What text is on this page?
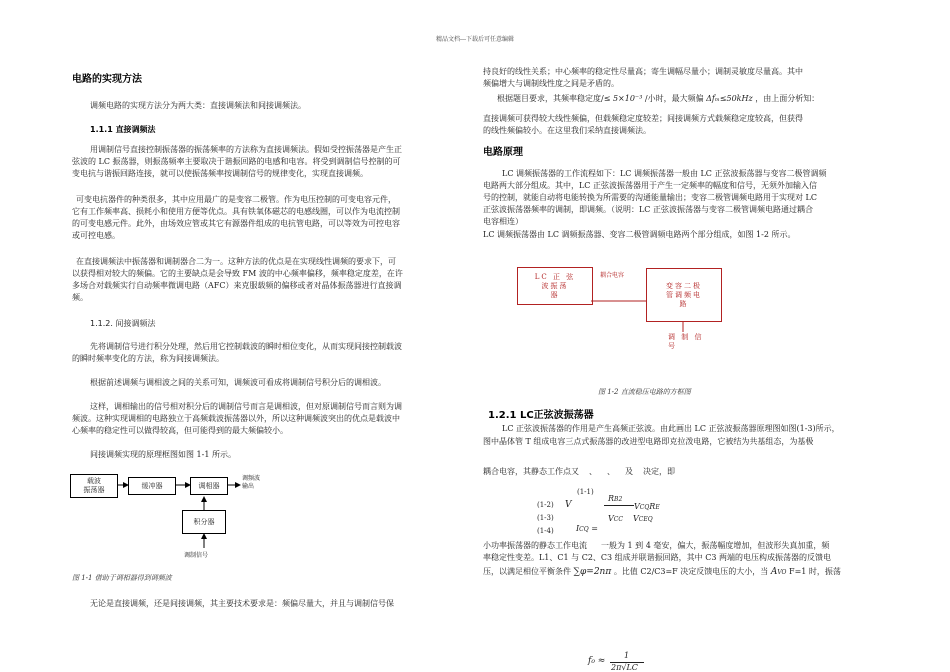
精品文档---下载后可任意编辑
电路的实现方法
调频电路的实现方法分为两大类：直接调频法和间接调频法。
1.1.1 直接调频法
用调制信号直接控制振荡器的振荡频率的方法称为直接调频法。假如受控振荡器是产生正
弦波的 LC 振荡器，则振荡频率主要取决于谐振回路的电感和电容。将受到调制信号控制的可
变电抗与谐振回路连接，就可以使振荡频率按调制信号的规律变化，实现直接调频。
可变电抗器件的种类很多，其中应用最广的是变容二极管。作为电压控制的可变电容元件，
它有工作频率高、损耗小和使用方便等优点。具有铁氧体磁芯的电感线圈，可以作为电流控制
的可变电感元件。此外，由场效应管或其它有源器件组成的电抗管电路，可以等效为可控电容
或可控电感。
在直接调频法中振荡器和调制器合二为一。这种方法的优点是在实现线性调频的要求下，可
以获得相对较大的频偏。它的主要缺点是会导致 FM 波的中心频率偏移，频率稳定度差，在许
多场合对载频实行自动频率微调电路（AFC）来克服载频的偏移或者对晶体振荡器进行直接调
频。
1.1.2. 间接调频法
先将调制信号进行积分处理，然后用它控制载波的瞬时相位变化，从而实现间接控制载波
的瞬时频率变化的方法，称为间接调频法。
根据前述调频与调相波之间的关系可知，调频波可看成将调制信号积分后的调相波。
这样，调相输出的信号相对积分后的调制信号而言是调相波，但对原调制信号而言则为调
频波。这种实现调相的电路独立于高频载波振荡器以外，所以这种调频波突出的优点是载波中
心频率的稳定性可以做得较高，但可能得到的最大频偏较小。
间接调频实现的原理框图如图 1-1 所示。
载波
振荡器
缓冲器	调相器
调频波
输出
积分器
调制信号
图 1-1 借助于调相器得到调频波
无论是直接调频，还是间接调频，其主要技术要求是：频偏尽量大，并且与调制信号保
持良好的线性关系；中心频率的稳定性尽量高；寄生调幅尽量小；调制灵敏度尽量高。其中
频偏增大与调制线性度之间是矛盾的。
根据题目要求，其频率稳定度/≤ 5×10⁻³ /小时，最大频偏 Δfₘ≤50kHz ，由上面分析知：
直接调频可获得较大线性频偏，但载频稳定度较差；间接调频方式载频稳定度较高，但获得
的线性频偏较小。在这里我们采纳直接调频法。
电路原理
LC 调频振荡器的工作流程如下：LC 调频振荡器一般由 LC 正弦波振荡器与变容二极管调频
电路两大部分组成。其中，LC 正弦波振荡器用于产生一定频率的幅度和信号，无须外加输入信
号的控制，就能自动将电能转换为所需要的沟通能量输出；变容二极管调频电路用于实现对 LC
正弦波振荡器频率的调制，即调频。（说明：LC 正弦波振荡器与变容二极管调频电路通过耦合
电容相连）
LC 调频振荡器由 LC 调频振荡器、变容二极管调频电路两个部分组成，如图 1-2 所示。
LC 正 弦
波振荡
器
耦合电容
变容二极
管调频电
路
调 制 信
号
图 1-2 直流稳压电路的方框图
1.2.1 LC正弦波振荡器
LC 正弦波振荡器的作用是产生高频正弦波。由此画出 LC 正弦波振荡器原理图如图(1-3)所示，
图中晶体管 T 组成电容三点式振荡器的改进型电路即克拉泼电路，它被结为共基组态，为基极
耦合电容，其静态工作点又 、 、 及 决定，即
(1-1)
(1-2)
(1-3)
(1-4)
RB2
V	VCQRE
VCC VCEQ
ICQ =
小功率振荡器的静态工作电流 一般为 1 到 4 毫安，偏大，振荡幅度增加，但波形失真加重，频
率稳定性变差。L1、C1 与 C2、C3 组成并联谐振回路，其中 C3 两端的电压构成振荡器的反馈电
压，以满足相位平衡条件 ∑φ=2nπ 。比值 C2/C3=F 决定反馈电压的大小，当 AVO F=1 时，振荡
f₀ ≈
1
2π√LC
